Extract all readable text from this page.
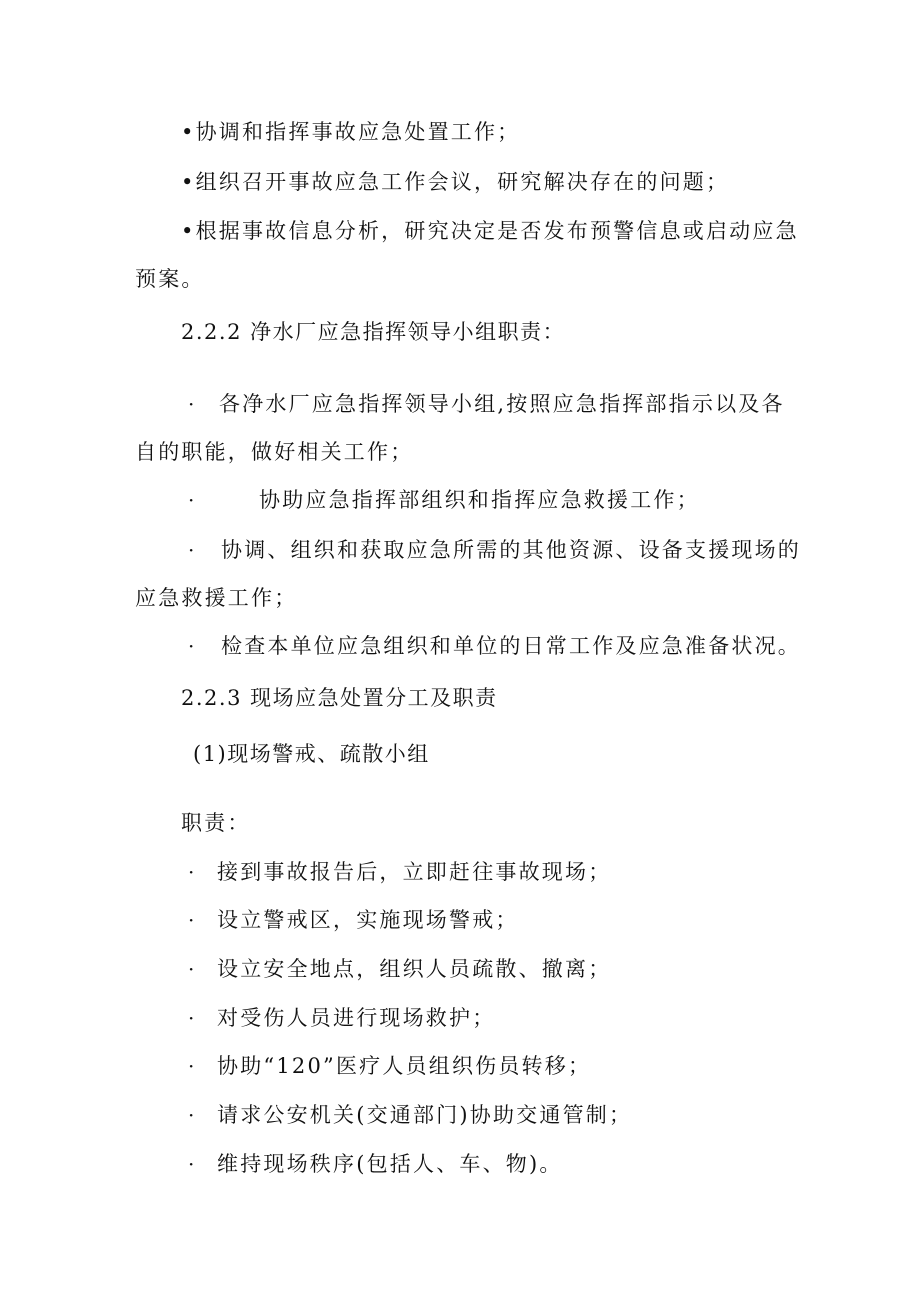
•协调和指挥事故应急处置工作；
•组织召开事故应急工作会议，研究解决存在的问题；
•根据事故信息分析，研究决定是否发布预警信息或启动应急
预案。
2.2.2 净水厂应急指挥领导小组职责：
· 各净水厂应急指挥领导小组,按照应急指挥部指示以及各
自的职能，做好相关工作；
·	协助应急指挥部组织和指挥应急救援工作；
· 协调、组织和获取应急所需的其他资源、设备支援现场的
应急救援工作；
· 检查本单位应急组织和单位的日常工作及应急准备状况。
2.2.3 现场应急处置分工及职责
(1)现场警戒、疏散小组
职责：
· 接到事故报告后，立即赶往事故现场；
· 设立警戒区，实施现场警戒；
· 设立安全地点，组织人员疏散、撤离；
· 对受伤人员进行现场救护；
· 协助“120”医疗人员组织伤员转移；
· 请求公安机关(交通部门)协助交通管制；
· 维持现场秩序(包括人、车、物)。
